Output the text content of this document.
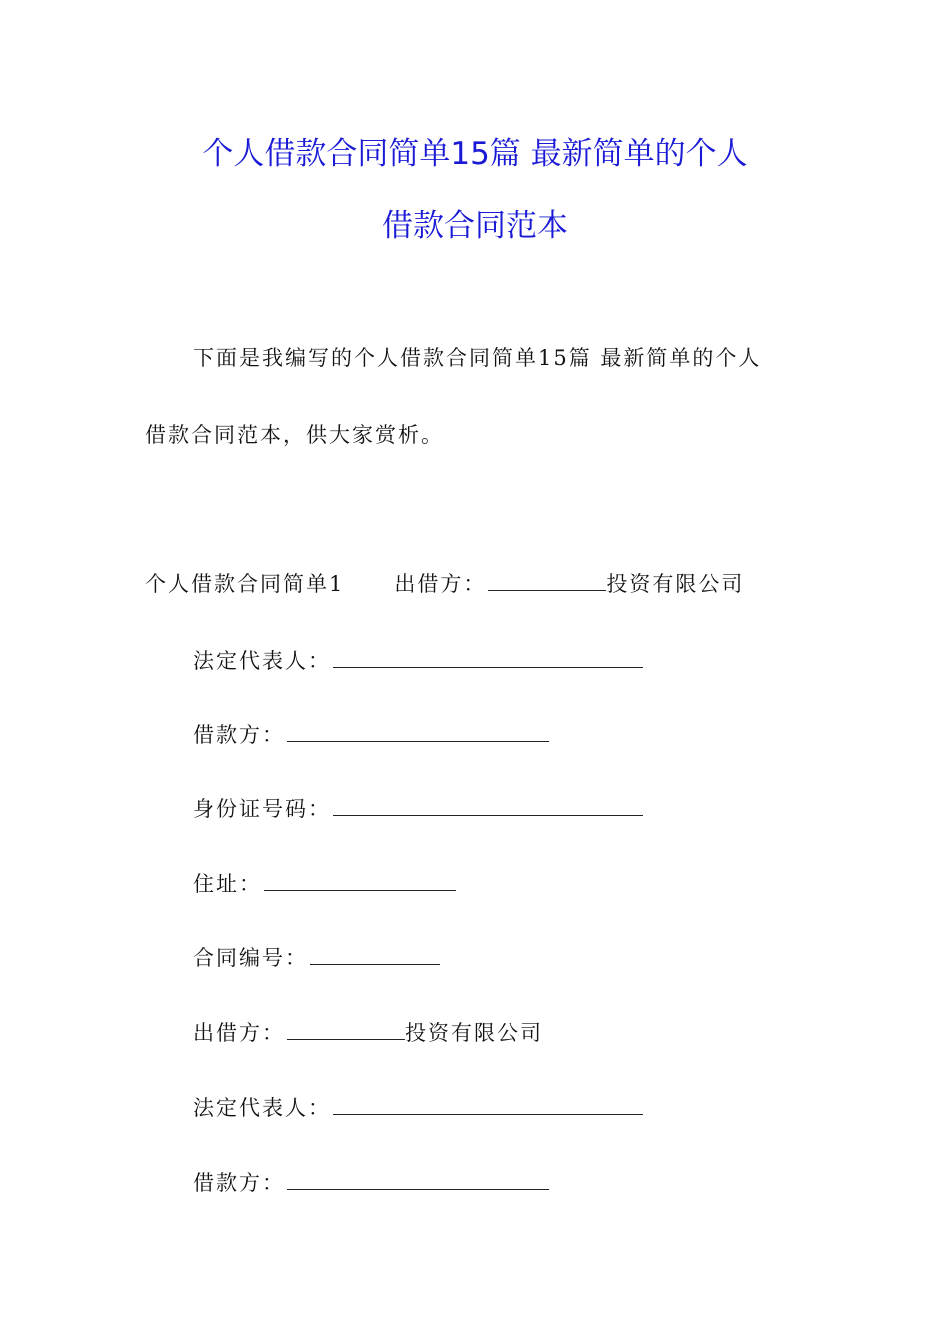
个人借款合同简单15篇 最新简单的个人
借款合同范本
下面是我编写的个人借款合同简单15篇 最新简单的个人
借款合同范本，供大家赏析。
个人借款合同简单1 出借方：	投资有限公司
法定代表人：
借款方：
身份证号码：
住址：
合同编号：
出借方：	投资有限公司
法定代表人：
借款方：
